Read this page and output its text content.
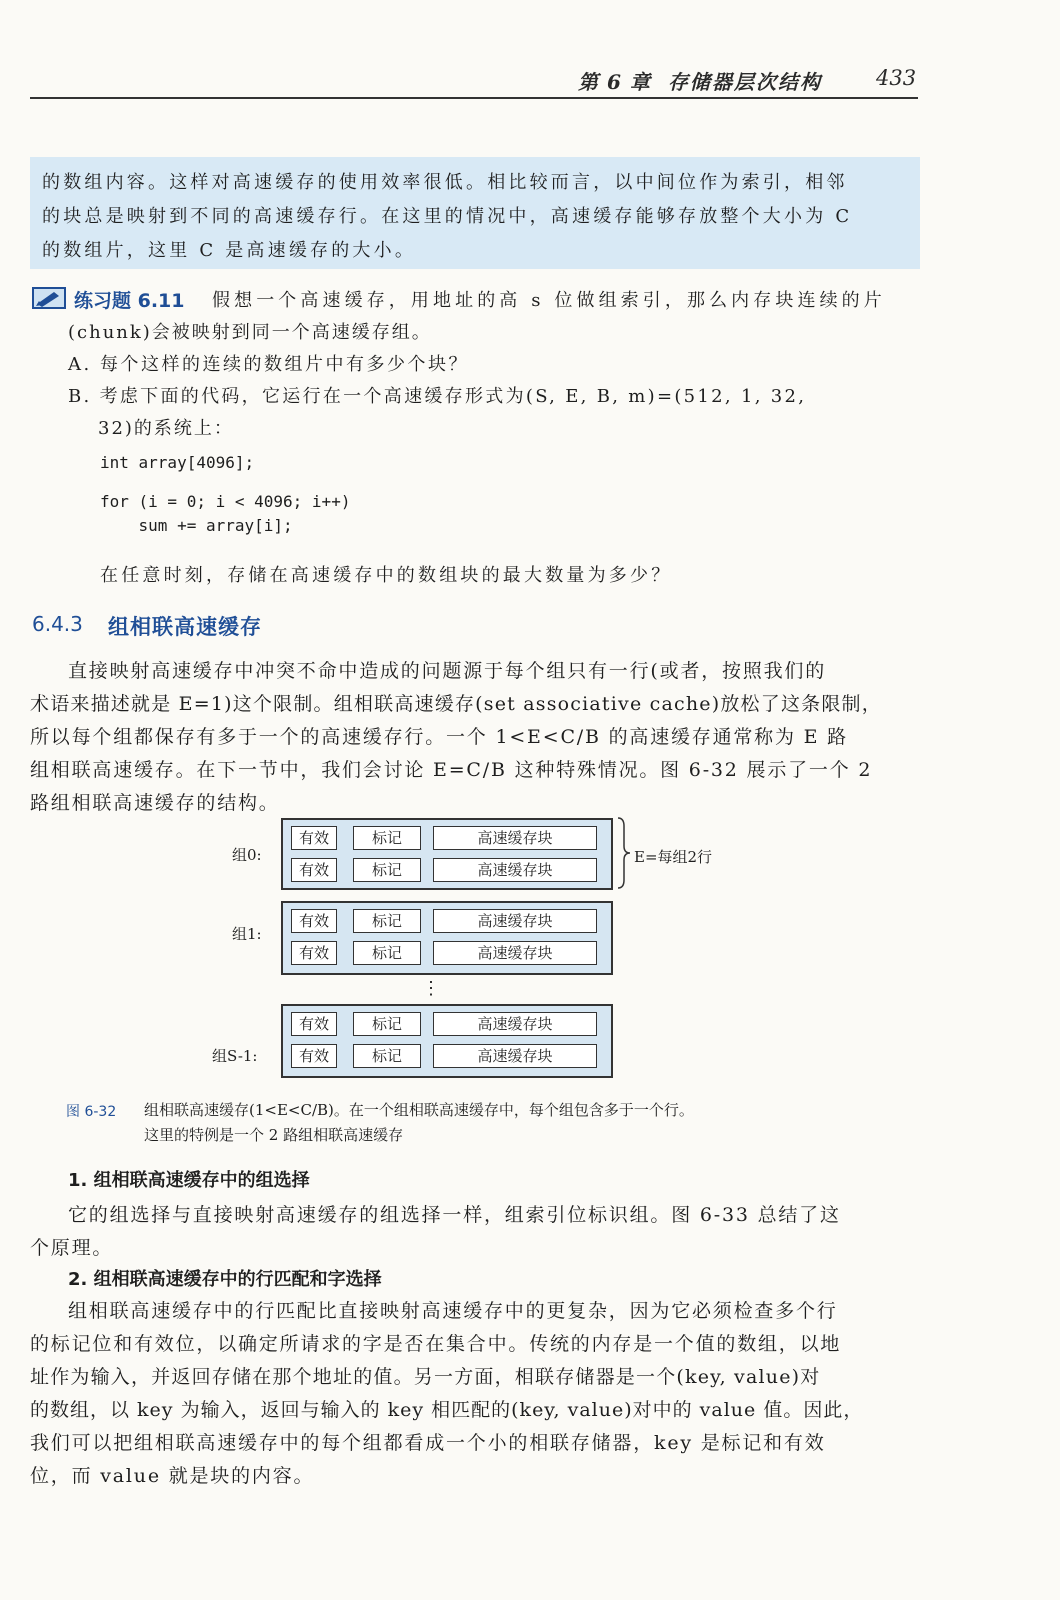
第 6 章 存储器层次结构	433
的数组内容。这样对高速缓存的使用效率很低。相比较而言，以中间位作为索引，相邻
的块总是映射到不同的高速缓存行。在这里的情况中，高速缓存能够存放整个大小为 C
的数组片，这里 C 是高速缓存的大小。
练习题 6.11 假想一个高速缓存，用地址的高 s 位做组索引，那么内存块连续的片
(chunk)会被映射到同一个高速缓存组。
A. 每个这样的连续的数组片中有多少个块？
B. 考虑下面的代码，它运行在一个高速缓存形式为(S, E, B, m)=(512, 1, 32,
32)的系统上：
int array[4096];
for (i = 0; i < 4096; i++)
sum += array[i];
在任意时刻，存储在高速缓存中的数组块的最大数量为多少？
6.4.3 组相联高速缓存
直接映射高速缓存中冲突不命中造成的问题源于每个组只有一行(或者，按照我们的
术语来描述就是 E=1)这个限制。组相联高速缓存(set associative cache)放松了这条限制，
所以每个组都保存有多于一个的高速缓存行。一个 1<E<C/B 的高速缓存通常称为 E 路
组相联高速缓存。在下一节中，我们会讨论 E=C/B 这种特殊情况。图 6-32 展示了一个 2
路组相联高速缓存的结构。
组0:
有效	标记	高速缓存块
有效	标记	高速缓存块
E=每组2行
组1:
有效	标记	高速缓存块
有效	标记	高速缓存块
⋮
组S-1:
有效	标记	高速缓存块
有效	标记	高速缓存块
图 6-32 组相联高速缓存(1<E<C/B)。在一个组相联高速缓存中，每个组包含多于一个行。
这里的特例是一个 2 路组相联高速缓存
1. 组相联高速缓存中的组选择
它的组选择与直接映射高速缓存的组选择一样，组索引位标识组。图 6-33 总结了这
个原理。
2. 组相联高速缓存中的行匹配和字选择
组相联高速缓存中的行匹配比直接映射高速缓存中的更复杂，因为它必须检查多个行
的标记位和有效位，以确定所请求的字是否在集合中。传统的内存是一个值的数组，以地
址作为输入，并返回存储在那个地址的值。另一方面，相联存储器是一个(key, value)对
的数组，以 key 为输入，返回与输入的 key 相匹配的(key, value)对中的 value 值。因此，
我们可以把组相联高速缓存中的每个组都看成一个小的相联存储器，key 是标记和有效
位，而 value 就是块的内容。
